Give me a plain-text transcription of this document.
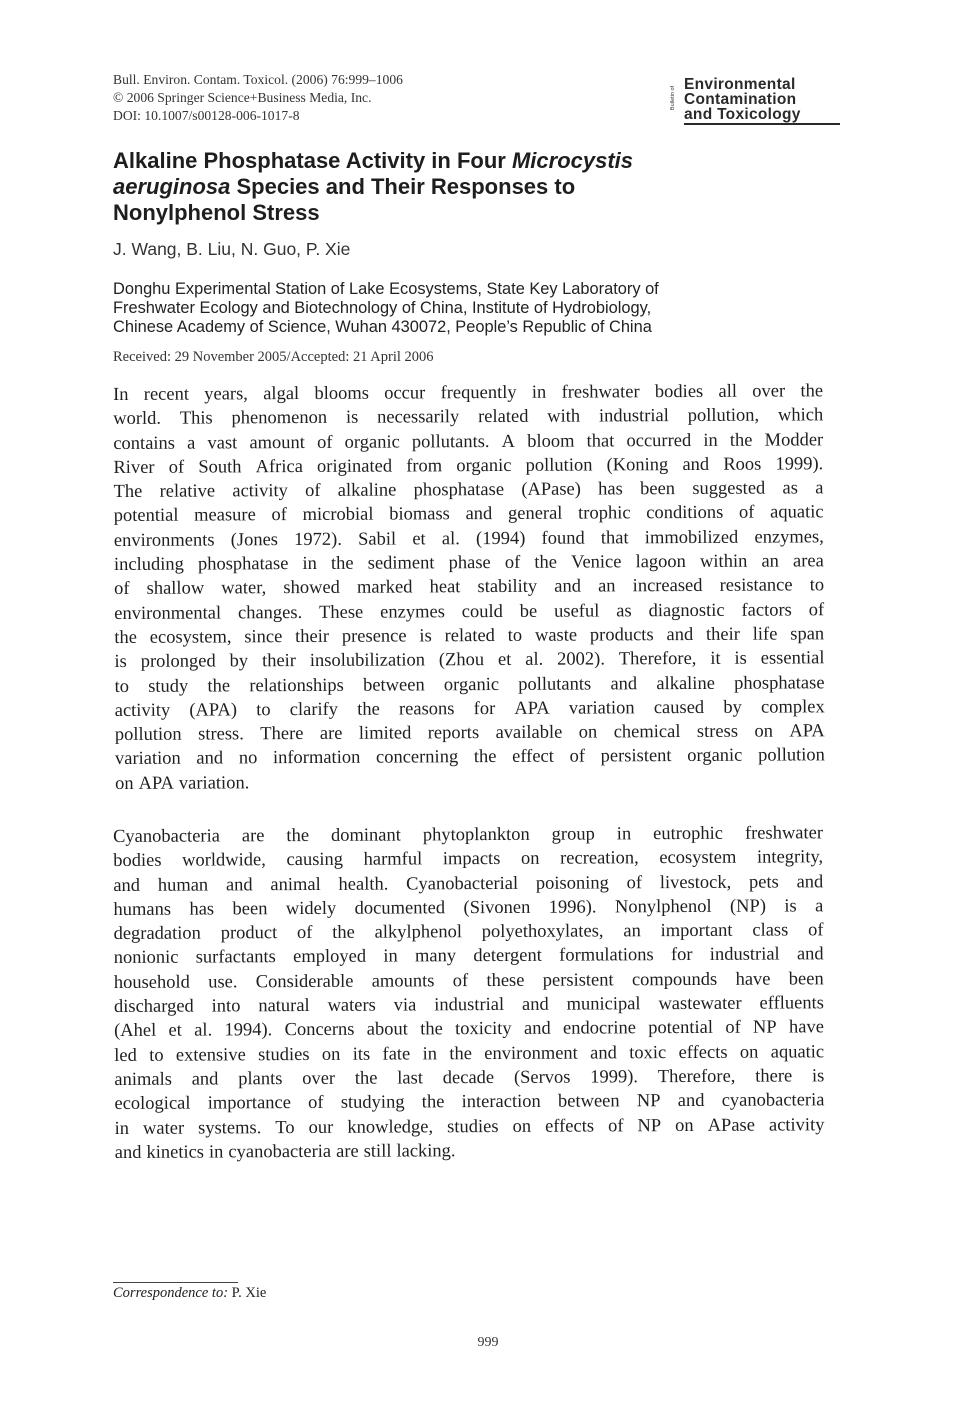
Bull. Environ. Contam. Toxicol. (2006) 76:999–1006
© 2006 Springer Science+Business Media, Inc.
DOI: 10.1007/s00128-006-1017-8
Bulletin of
Environmental
Contamination
and Toxicology
Alkaline Phosphatase Activity in Four Microcystis
aeruginosa Species and Their Responses to
Nonylphenol Stress
J. Wang, B. Liu, N. Guo, P. Xie
Donghu Experimental Station of Lake Ecosystems, State Key Laboratory of
Freshwater Ecology and Biotechnology of China, Institute of Hydrobiology,
Chinese Academy of Science, Wuhan 430072, People’s Republic of China
Received: 29 November 2005/Accepted: 21 April 2006
In recent years, algal blooms occur frequently in freshwater bodies all over the
world. This phenomenon is necessarily related with industrial pollution, which
contains a vast amount of organic pollutants. A bloom that occurred in the Modder
River of South Africa originated from organic pollution (Koning and Roos 1999).
The relative activity of alkaline phosphatase (APase) has been suggested as a
potential measure of microbial biomass and general trophic conditions of aquatic
environments (Jones 1972). Sabil et al. (1994) found that immobilized enzymes,
including phosphatase in the sediment phase of the Venice lagoon within an area
of shallow water, showed marked heat stability and an increased resistance to
environmental changes. These enzymes could be useful as diagnostic factors of
the ecosystem, since their presence is related to waste products and their life span
is prolonged by their insolubilization (Zhou et al. 2002). Therefore, it is essential
to study the relationships between organic pollutants and alkaline phosphatase
activity (APA) to clarify the reasons for APA variation caused by complex
pollution stress. There are limited reports available on chemical stress on APA
variation and no information concerning the effect of persistent organic pollution
on APA variation.
Cyanobacteria are the dominant phytoplankton group in eutrophic freshwater
bodies worldwide, causing harmful impacts on recreation, ecosystem integrity,
and human and animal health. Cyanobacterial poisoning of livestock, pets and
humans has been widely documented (Sivonen 1996). Nonylphenol (NP) is a
degradation product of the alkylphenol polyethoxylates, an important class of
nonionic surfactants employed in many detergent formulations for industrial and
household use. Considerable amounts of these persistent compounds have been
discharged into natural waters via industrial and municipal wastewater effluents
(Ahel et al. 1994). Concerns about the toxicity and endocrine potential of NP have
led to extensive studies on its fate in the environment and toxic effects on aquatic
animals and plants over the last decade (Servos 1999). Therefore, there is
ecological importance of studying the interaction between NP and cyanobacteria
in water systems. To our knowledge, studies on effects of NP on APase activity
and kinetics in cyanobacteria are still lacking.
Correspondence to: P. Xie
999
